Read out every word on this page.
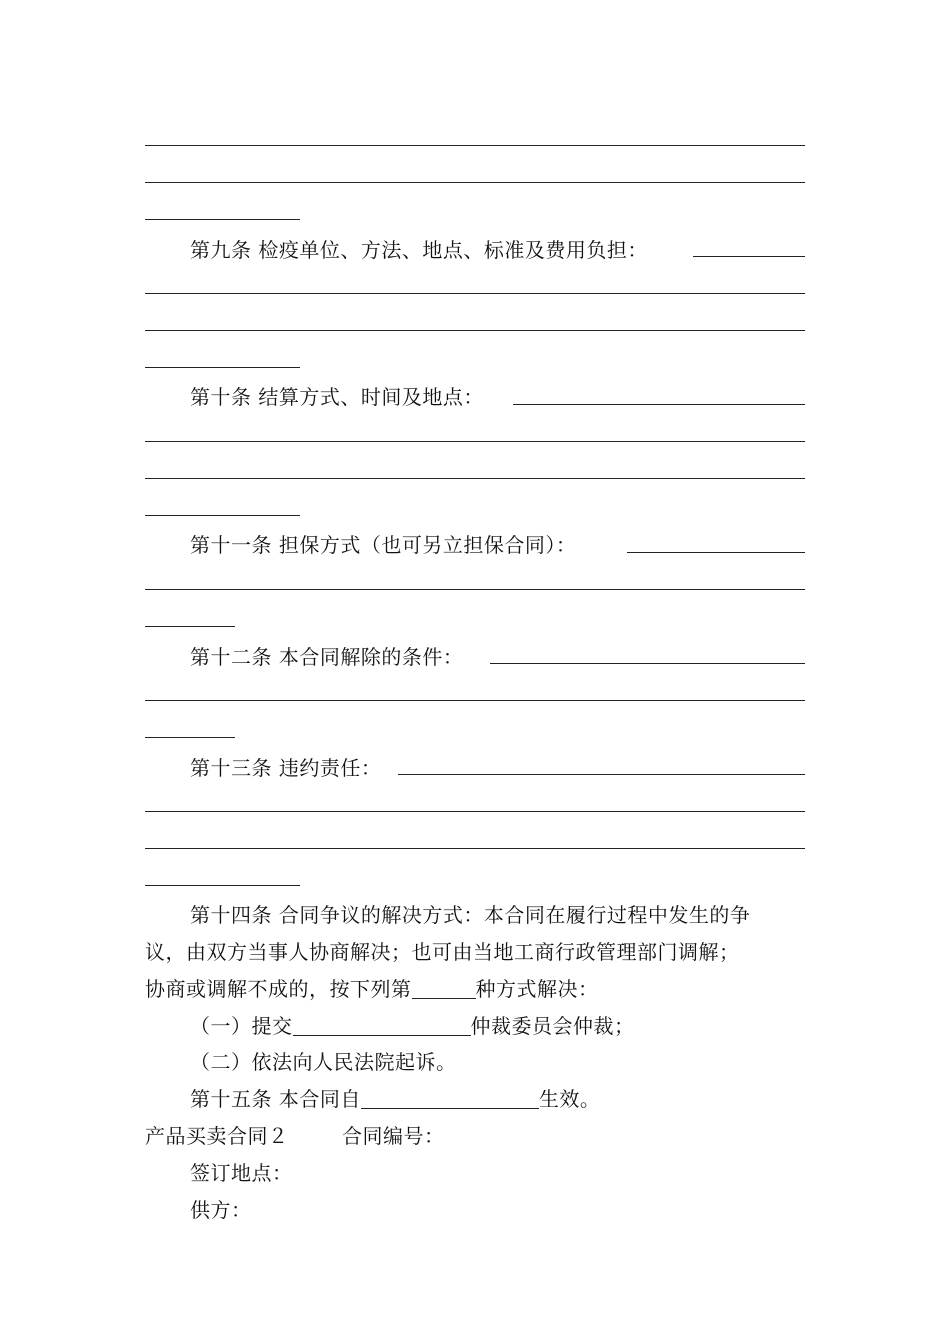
第九条 检疫单位、方法、地点、标准及费用负担：
第十条 结算方式、时间及地点：
第十一条 担保方式（也可另立担保合同）：
第十二条 本合同解除的条件：
第十三条 违约责任：
第十四条 合同争议的解决方式：本合同在履行过程中发生的争
议，由双方当事人协商解决；也可由当地工商行政管理部门调解；
协商或调解不成的，按下列第	种方式解决：
（一）提交	仲裁委员会仲裁；
（二）依法向人民法院起诉。
第十五条 本合同自	生效。
产品买卖合同２	合同编号：
签订地点：
供方：
